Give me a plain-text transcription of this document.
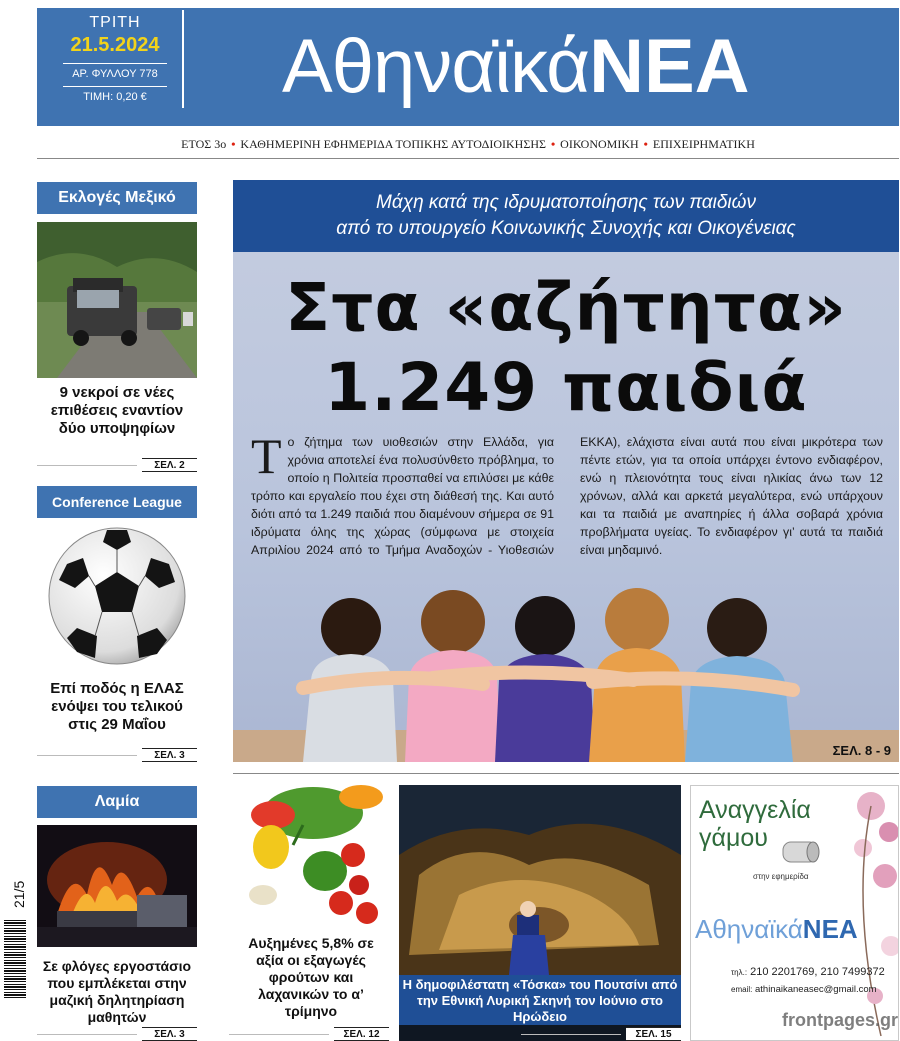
ΤΡΙΤΗ
21.5.2024
ΑΡ. ΦΥΛΛΟΥ 778
ΤΙΜΗ: 0,20 €	ΑθηναϊκάΝΕΑ
ΕΤΟΣ 3ο • ΚΑΘΗΜΕΡΙΝΗ ΕΦΗΜΕΡΙΔΑ ΤΟΠΙΚΗΣ ΑΥΤΟΔΙΟΙΚΗΣΗΣ • ΟΙΚΟΝΟΜΙΚΗ • ΕΠΙΧΕΙΡΗΜΑΤΙΚΗ
Εκλογές Μεξικό
9 νεκροί σε νέες επιθέσεις εναντίον δύο υποψηφίων
ΣΕΛ. 2
Conference League
Επί ποδός η ΕΛΑΣ ενόψει του τελικού στις 29 Μαΐου
ΣΕΛ. 3
Λαμία
Σε φλόγες εργοστάσιο που εμπλέκεται στην μαζική δηλητηρίαση μαθητών
ΣΕΛ. 3
Μάχη κατά της ιδρυματοποίησης των παιδιών
από το υπουργείο Κοινωνικής Συνοχής και Οικογένειας
Στα «αζήτητα»
1.249 παιδιά
Το ζήτημα των υιοθεσιών στην Ελλάδα, για χρόνια αποτελεί ένα πολυσύνθετο πρόβλημα, το οποίο η Πολιτεία προσπαθεί να επιλύσει με κάθε τρόπο και εργαλείο που έχει στη διάθεσή της. Και αυτό διότι από τα 1.249 παιδιά που διαμένουν σήμερα σε 91 ιδρύματα όλης της χώρας (σύμφωνα με στοιχεία Απριλίου 2024 από το Τμήμα Αναδοχών - Υιοθεσιών ΕΚΚΑ), ελάχιστα είναι αυτά που είναι μικρότερα των πέντε ετών, για τα οποία υπάρχει έντονο ενδιαφέρον, ενώ η πλειονότητα τους είναι ηλικίας άνω των 12 χρόνων, αλλά και αρκετά μεγαλύτερα, ενώ υπάρχουν και τα παιδιά με αναπηρίες ή άλλα σοβαρά χρόνια προβλήματα υγείας. Το ενδιαφέρον γι’ αυτά τα παιδιά είναι μηδαμινό.
ΣΕΛ. 8 - 9
Αυξημένες 5,8% σε αξία οι εξαγωγές φρούτων και λαχανικών το α’ τρίμηνο
ΣΕΛ. 12
Η δημοφιλέστατη «Τόσκα» του Πουτσίνι από την Εθνική Λυρική Σκηνή τον Ιούνιο στο Ηρώδειο
ΣΕΛ. 15
Αναγγελία
γάμου
στην εφημερίδα
ΑθηναϊκάΝΕΑ
τηλ.: 210 2201769, 210 7499372
email: athinaikanea​sec@gmail.com
21/5
frontpages.gr
